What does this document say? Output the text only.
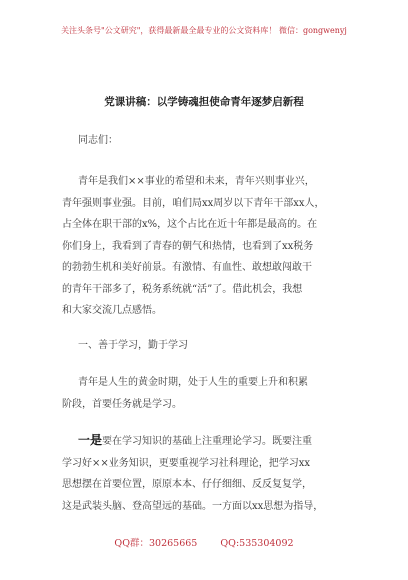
关注头条号"公文研究"，获得最新最全最专业的公文资料库！ 微信：gongwenyj
党课讲稿：以学铸魂担使命青年逐梦启新程

同志们：

青年是我们××事业的希望和未来，青年兴则事业兴，
青年强则事业强。目前，咱们局xx周岁以下青年干部xx人，
占全体在职干部的x%，这个占比在近十年都是最高的。在
你们身上，我看到了青春的朝气和热情，也看到了xx税务
的勃勃生机和美好前景。有激情、有血性、敢想敢闯敢干
的青年干部多了，税务系统就“活”了。借此机会，我想
和大家交流几点感悟。

一、善于学习，勤于学习

青年是人生的黄金时期，处于人生的重要上升和积累
阶段，首要任务就是学习。

一是要在学习知识的基础上注重理论学习。既要注重
学习好××业务知识，更要重视学习社科理论，把学习xx
思想摆在首要位置，原原本本、仔仔细细、反反复复学，
这是武装头脑、登高望远的基础。一方面以xx思想为指导，

QQ群：30265665 QQ:535304092
